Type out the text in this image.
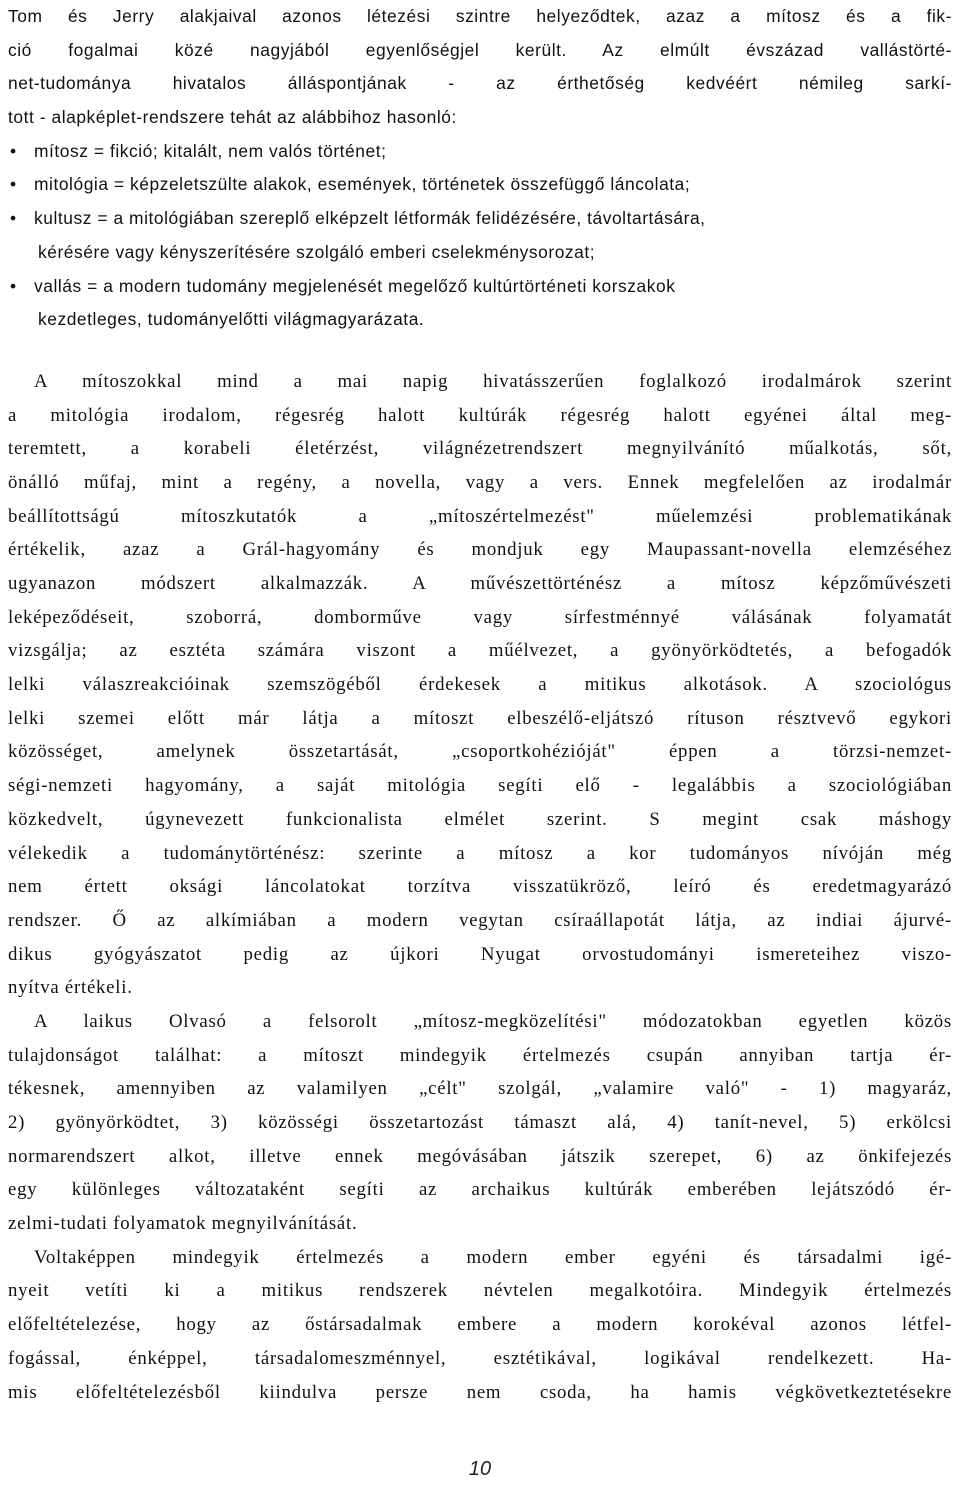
Tom és Jerry alakjaival azonos létezési szintre helyeződtek, azaz a mítosz és a fik-
ció fogalmai közé nagyjából egyenlőségjel került. Az elmúlt évszázad vallástörté-
net-tudománya hivatalos álláspontjának - az érthetőség kedvéért némileg sarkí-
tott - alapképlet-rendszere tehát az alábbihoz hasonló:
• mítosz = fikció; kitalált, nem valós történet;
• mitológia = képzeletszülte alakok, események, történetek összefüggő láncolata;
• kultusz = a mitológiában szereplő elképzelt létformák felidézésére, távoltartására,
kérésére vagy kényszerítésére szolgáló emberi cselekménysorozat;
• vallás = a modern tudomány megjelenését megelőző kultúrtörténeti korszakok
kezdetleges, tudományelőtti világmagyarázata.
A mítoszokkal mind a mai napig hivatásszerűen foglalkozó irodalmárok szerint
a mitológia irodalom, régesrég halott kultúrák régesrég halott egyénei által meg-
teremtett, a korabeli életérzést, világnézetrendszert megnyilvánító műalkotás, sőt,
önálló műfaj, mint a regény, a novella, vagy a vers. Ennek megfelelően az irodalmár
beállítottságú mítoszkutatók a „mítoszértelmezést" műelemzési problematikának
értékelik, azaz a Grál-hagyomány és mondjuk egy Maupassant-novella elemzéséhez
ugyanazon módszert alkalmazzák. A művészettörténész a mítosz képzőművészeti
leképeződéseit, szoborrá, domborműve vagy sírfestménnyé válásának folyamatát
vizsgálja; az esztéta számára viszont a műélvezet, a gyönyörködtetés, a befogadók
lelki válaszreakcióinak szemszögéből érdekesek a mitikus alkotások. A szociológus
lelki szemei előtt már látja a mítoszt elbeszélő-eljátszó rítuson résztvevő egykori
közösséget, amelynek összetartását, „csoportkohézióját" éppen a törzsi-nemzet-
ségi-nemzeti hagyomány, a saját mitológia segíti elő - legalábbis a szociológiában
közkedvelt, úgynevezett funkcionalista elmélet szerint. S megint csak máshogy
vélekedik a tudománytörténész: szerinte a mítosz a kor tudományos nívóján még
nem értett oksági láncolatokat torzítva visszatükröző, leíró és eredetmagyarázó
rendszer. Ő az alkímiában a modern vegytan csíraállapotát látja, az indiai ájurvé-
dikus gyógyászatot pedig az újkori Nyugat orvostudományi ismereteihez viszo-
nyítva értékeli.
A laikus Olvasó a felsorolt „mítosz-megközelítési" módozatokban egyetlen közös
tulajdonságot találhat: a mítoszt mindegyik értelmezés csupán annyiban tartja ér-
tékesnek, amennyiben az valamilyen „célt" szolgál, „valamire való" - 1) magyaráz,
2) gyönyörködtet, 3) közösségi összetartozást támaszt alá, 4) tanít-nevel, 5) erkölcsi
normarendszert alkot, illetve ennek megóvásában játszik szerepet, 6) az önkifejezés
egy különleges változataként segíti az archaikus kultúrák emberében lejátszódó ér-
zelmi-tudati folyamatok megnyilvánítását.
Voltaképpen mindegyik értelmezés a modern ember egyéni és társadalmi igé-
nyeit vetíti ki a mitikus rendszerek névtelen megalkotóira. Mindegyik értelmezés
előfeltételezése, hogy az őstársadalmak embere a modern korokéval azonos létfel-
fogással, énképpel, társadalomeszménnyel, esztétikával, logikával rendelkezett. Ha-
mis előfeltételezésből kiindulva persze nem csoda, ha hamis végkövetkeztetésekre
10
